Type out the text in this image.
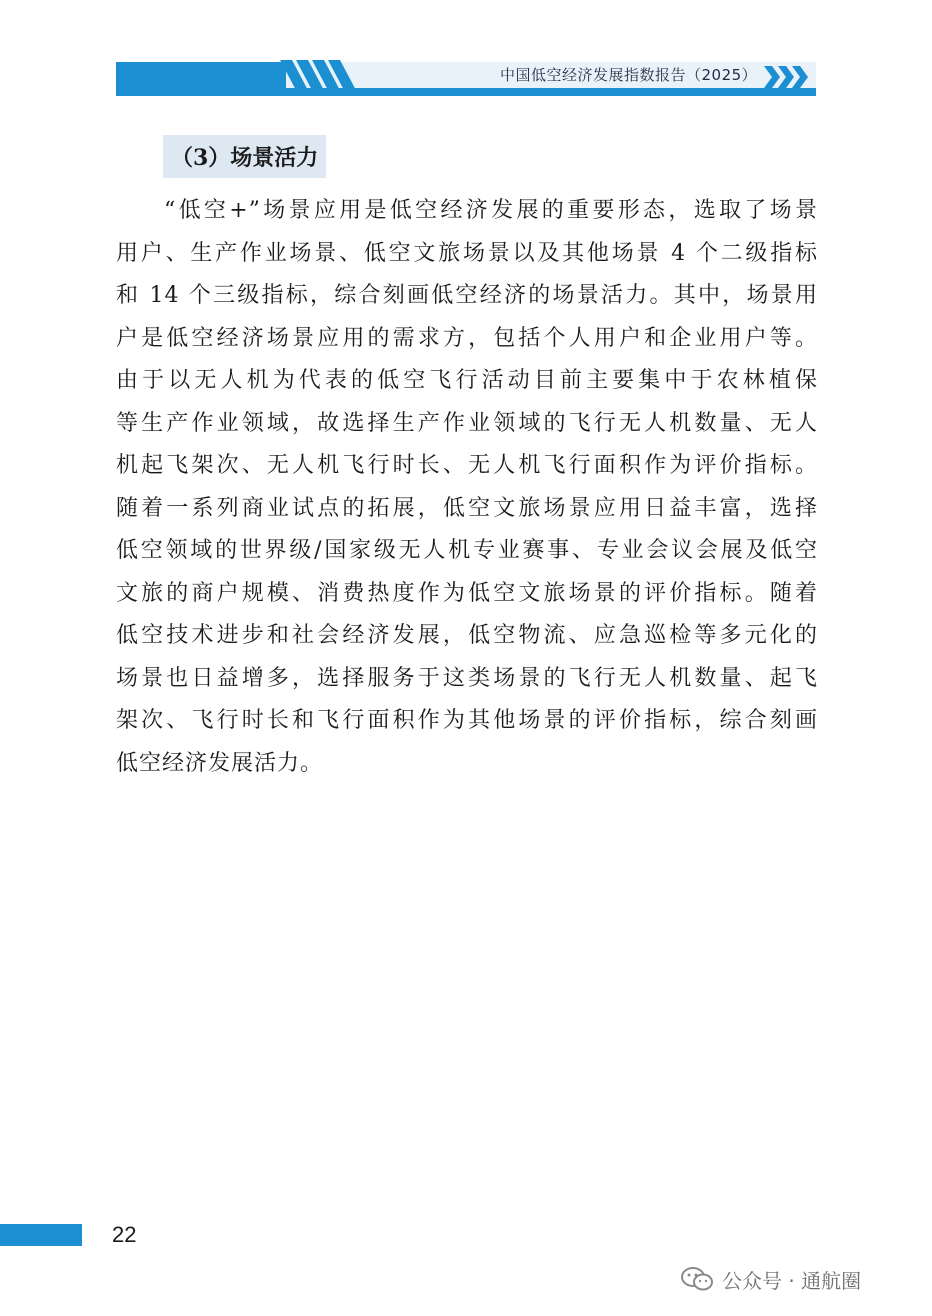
中国低空经济发展指数报告（2025）
（3）场景活力
“低空+”场景应用是低空经济发展的重要形态，选取了场景
用户、生产作业场景、低空文旅场景以及其他场景 4 个二级指标
和 14 个三级指标，综合刻画低空经济的场景活力。其中，场景用
户是低空经济场景应用的需求方，包括个人用户和企业用户等。
由于以无人机为代表的低空飞行活动目前主要集中于农林植保
等生产作业领域，故选择生产作业领域的飞行无人机数量、无人
机起飞架次、无人机飞行时长、无人机飞行面积作为评价指标。
随着一系列商业试点的拓展，低空文旅场景应用日益丰富，选择
低空领域的世界级/国家级无人机专业赛事、专业会议会展及低空
文旅的商户规模、消费热度作为低空文旅场景的评价指标。随着
低空技术进步和社会经济发展，低空物流、应急巡检等多元化的
场景也日益增多，选择服务于这类场景的飞行无人机数量、起飞
架次、飞行时长和飞行面积作为其他场景的评价指标，综合刻画
低空经济发展活力。
22
公众号 · 通航圈
